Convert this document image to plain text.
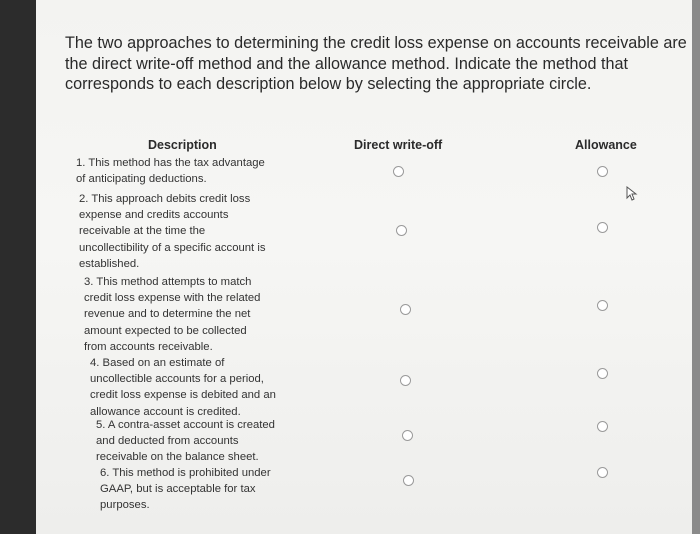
The two approaches to determining the credit loss expense on accounts receivable are the direct write-off method and the allowance method. Indicate the method that corresponds to each description below by selecting the appropriate circle.

Description	Direct write-off	Allowance

1. This method has the tax advantage
of anticipating deductions.

2. This approach debits credit loss
expense and credits accounts
receivable at the time the
uncollectibility of a specific account is
established.

3. This method attempts to match
credit loss expense with the related
revenue and to determine the net
amount expected to be collected
from accounts receivable.

4. Based on an estimate of
uncollectible accounts for a period,
credit loss expense is debited and an
allowance account is credited.

5. A contra-asset account is created
and deducted from accounts
receivable on the balance sheet.

6. This method is prohibited under
GAAP, but is acceptable for tax
purposes.
